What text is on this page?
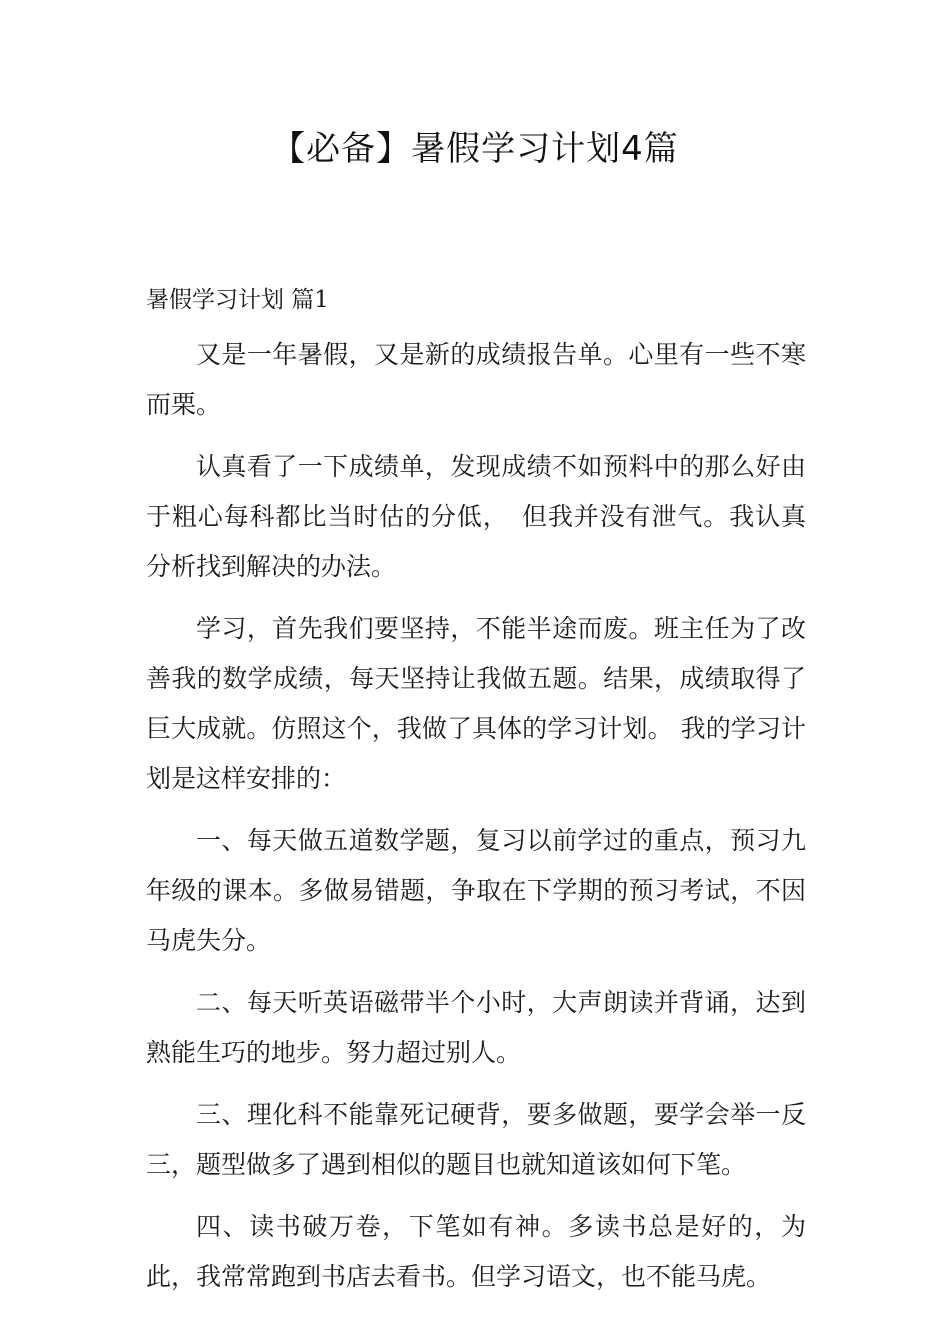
【必备】暑假学习计划4篇
暑假学习计划 篇1

又是一年暑假，又是新的成绩报告单。心里有一些不寒而栗。

认真看了一下成绩单，发现成绩不如预料中的那么好由于粗心每科都比当时估的分低，　但我并没有泄气。我认真分析找到解决的办法。

学习，首先我们要坚持，不能半途而废。班主任为了改善我的数学成绩，每天坚持让我做五题。结果，成绩取得了巨大成就。仿照这个，我做了具体的学习计划。 我的学习计划是这样安排的：

一、每天做五道数学题，复习以前学过的重点，预习九年级的课本。多做易错题，争取在下学期的预习考试，不因马虎失分。

二、每天听英语磁带半个小时，大声朗读并背诵，达到熟能生巧的地步。努力超过别人。

三、理化科不能靠死记硬背，要多做题，要学会举一反三，题型做多了遇到相似的题目也就知道该如何下笔。

四、读书破万卷，下笔如有神。多读书总是好的，为此，我常常跑到书店去看书。但学习语文，也不能马虎。
